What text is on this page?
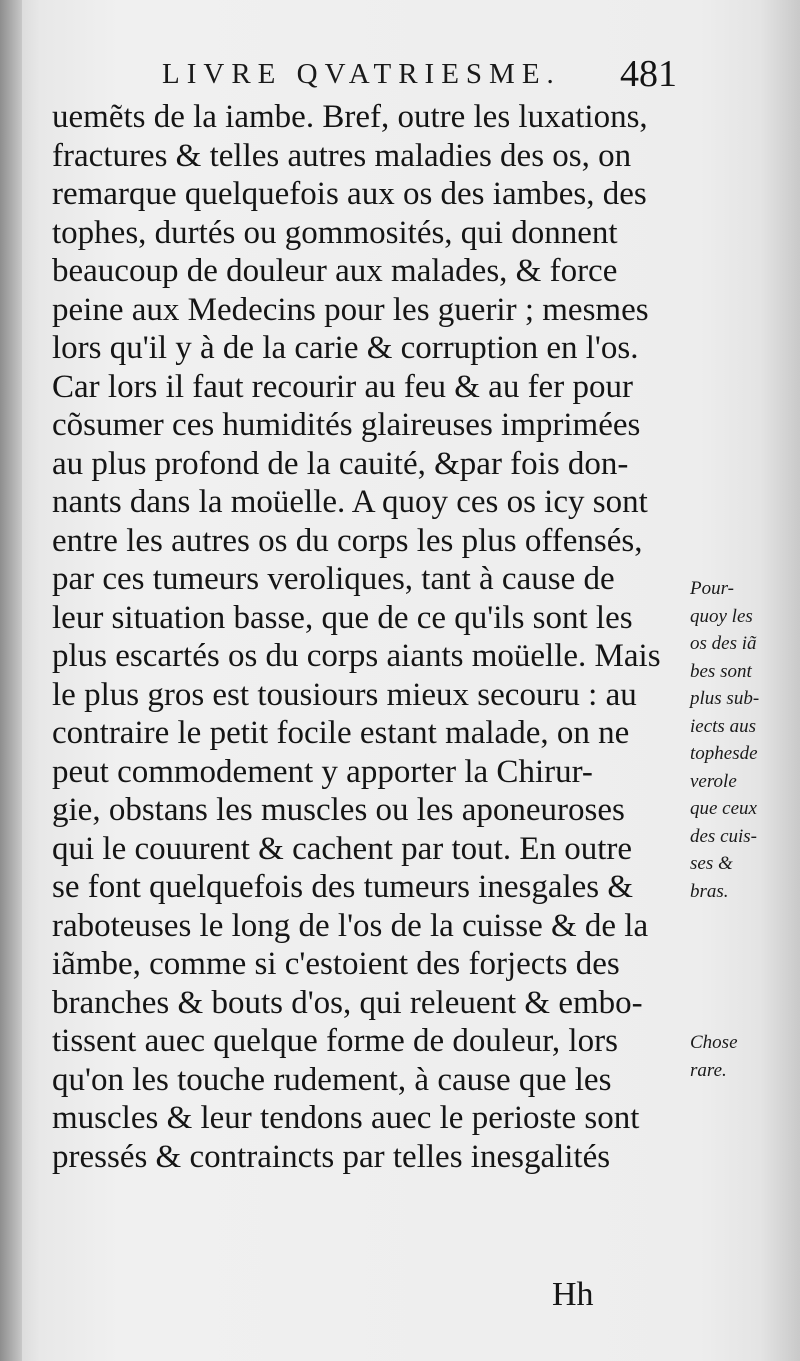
LIVRE QVATRIESME. 481
uemẽts de la iambe. Bref, outre les luxations,
fractures & telles autres maladies des os, on
remarque quelquefois aux os des iambes, des
tophes, durtés ou gommosités, qui donnent
beaucoup de douleur aux malades, & force
peine aux Medecins pour les guerir ; mesmes
lors qu'il y à de la carie & corruption en l'os.
Car lors il faut recourir au feu & au fer pour
cõsumer ces humidités glaireuses imprimées
au plus profond de la cauité, &par fois don-
nants dans la moüelle. A quoy ces os icy sont
entre les autres os du corps les plus offensés,
par ces tumeurs veroliques, tant à cause de
leur situation basse, que de ce qu'ils sont les
plus escartés os du corps aiants moüelle. Mais
le plus gros est tousiours mieux secouru : au
contraire le petit focile estant malade, on ne
peut commodement y apporter la Chirur-
gie, obstans les muscles ou les aponeuroses
qui le couurent & cachent par tout. En outre
se font quelquefois des tumeurs inesgales &
raboteuses le long de l'os de la cuisse & de la
iãmbe, comme si c'estoient des forjects des
branches & bouts d'os, qui releuent & embo-
tissent auec quelque forme de douleur, lors
qu'on les touche rudement, à cause que les
muscles & leur tendons auec le perioste sont
pressés & contraincts par telles inesgalités
Pour-
quoy les
os des iã
bes sont
plus sub-
iects aus
tophesde
verole
que ceux
des cuis-
ses &
bras.
Chose
rare.
Hh
